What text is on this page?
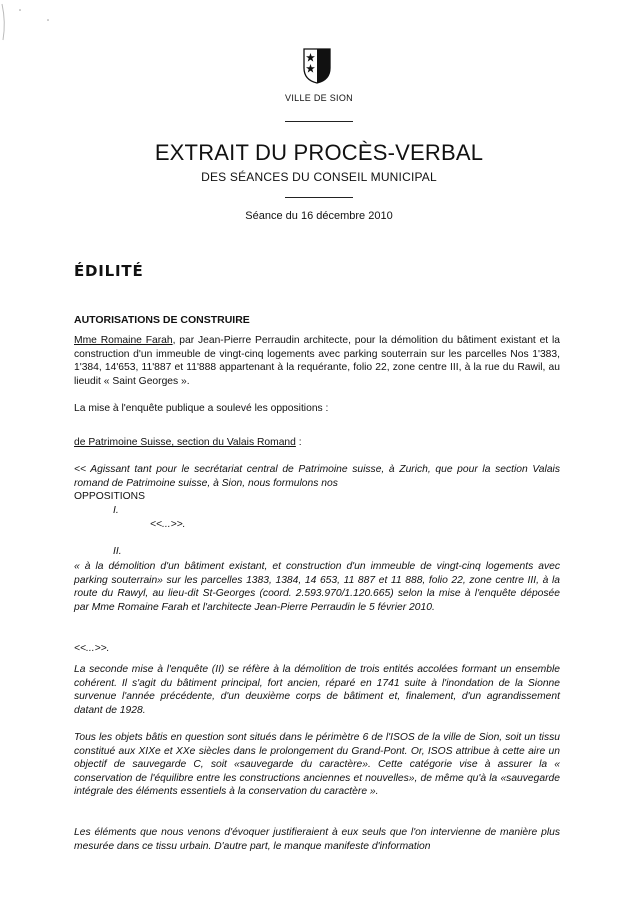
VILLE DE SION
EXTRAIT DU PROCÈS-VERBAL
DES SÉANCES DU CONSEIL MUNICIPAL
Séance du 16 décembre 2010
ÉDILITÉ
AUTORISATIONS DE CONSTRUIRE
Mme Romaine Farah, par Jean-Pierre Perraudin architecte, pour la démolition du bâtiment existant et la construction d'un immeuble de vingt-cinq logements avec parking souterrain sur les parcelles Nos 1'383, 1'384, 14'653, 11'887 et 11'888 appartenant à la requérante, folio 22, zone centre III, à la rue du Rawil, au lieudit « Saint Georges ».
La mise à l'enquête publique a soulevé les oppositions :
de Patrimoine Suisse, section du Valais Romand :
<< Agissant tant pour le secrétariat central de Patrimoine suisse, à Zurich, que pour la section Valais romand de Patrimoine suisse, à Sion, nous formulons nos
OPPOSITIONS
I.
<<...>>.
II.
« à la démolition d'un bâtiment existant, et construction d'un immeuble de vingt-cinq logements avec parking souterrain» sur les parcelles 1383, 1384, 14 653, 11 887 et 11 888, folio 22, zone centre III, à la route du Rawyl, au lieu-dit St-Georges (coord. 2.593.970/1.120.665) selon la mise à l'enquête déposée par Mme Romaine Farah et l'architecte Jean-Pierre Perraudin le 5 février 2010.
<<...>>.
La seconde mise à l'enquête (II) se réfère à la démolition de trois entités accolées formant un ensemble cohérent. Il s'agit du bâtiment principal, fort ancien, réparé en 1741 suite à l'inondation de la Sionne survenue l'année précédente, d'un deuxième corps de bâtiment et, finalement, d'un agrandissement datant de 1928.
Tous les objets bâtis en question sont situés dans le périmètre 6 de l'ISOS de la ville de Sion, soit un tissu constitué aux XIXe et XXe siècles dans le prolongement du Grand-Pont. Or, ISOS attribue à cette aire un objectif de sauvegarde C, soit «sauvegarde du caractère». Cette catégorie vise à assurer la « conservation de l'équilibre entre les constructions anciennes et nouvelles», de même qu'à la «sauvegarde intégrale des éléments essentiels à la conservation du caractère ».
Les éléments que nous venons d'évoquer justifieraient à eux seuls que l'on intervienne de manière plus mesurée dans ce tissu urbain. D'autre part, le manque manifeste d'information
